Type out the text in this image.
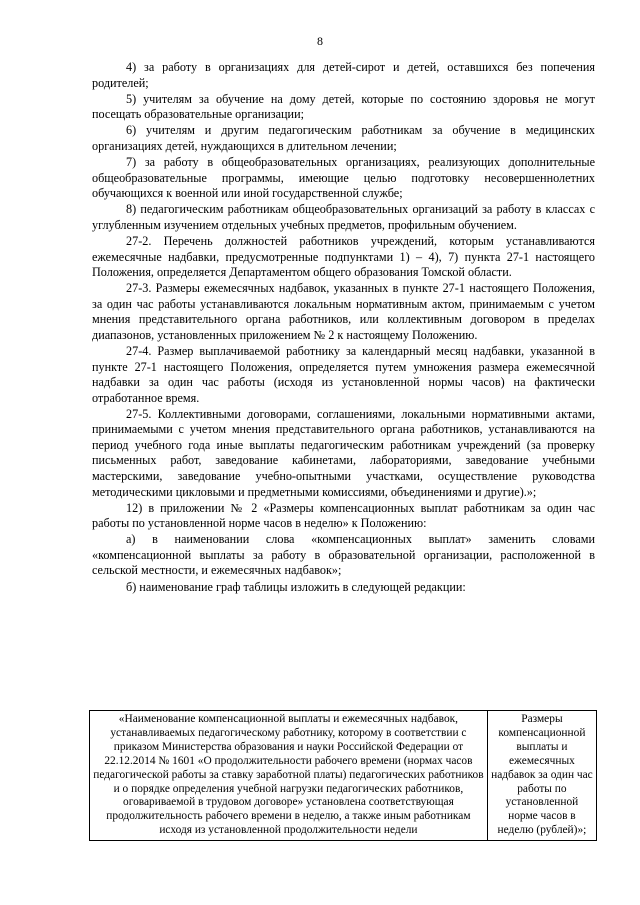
8

4) за работу в организациях для детей-сирот и детей, оставшихся без попечения родителей;

5) учителям за обучение на дому детей, которые по состоянию здоровья не могут посещать образовательные организации;

6) учителям и другим педагогическим работникам за обучение в медицинских организациях детей, нуждающихся в длительном лечении;

7) за работу в общеобразовательных организациях, реализующих дополнительные общеобразовательные программы, имеющие целью подготовку несовершеннолетних обучающихся к военной или иной государственной службе;

8) педагогическим работникам общеобразовательных организаций за работу в классах с углубленным изучением отдельных учебных предметов, профильным обучением.

27-2. Перечень должностей работников учреждений, которым устанавливаются ежемесячные надбавки, предусмотренные подпунктами 1) – 4), 7) пункта 27-1 настоящего Положения, определяется Департаментом общего образования Томской области.

27-3. Размеры ежемесячных надбавок, указанных в пункте 27-1 настоящего Положения, за один час работы устанавливаются локальным нормативным актом, принимаемым с учетом мнения представительного органа работников, или коллективным договором в пределах диапазонов, установленных приложением № 2 к настоящему Положению.

27-4. Размер выплачиваемой работнику за календарный месяц надбавки, указанной в пункте 27-1 настоящего Положения, определяется путем умножения размера ежемесячной надбавки за один час работы (исходя из установленной нормы часов) на фактически отработанное время.

27-5. Коллективными договорами, соглашениями, локальными нормативными актами, принимаемыми с учетом мнения представительного органа работников, устанавливаются на период учебного года иные выплаты педагогическим работникам учреждений (за проверку письменных работ, заведование кабинетами, лабораториями, заведование учебными мастерскими, заведование учебно-опытными участками, осуществление руководства методическими цикловыми и предметными комиссиями, объединениями и другие).»;

12) в приложении № 2 «Размеры компенсационных выплат работникам за один час работы по установленной норме часов в неделю» к Положению:

а) в наименовании слова «компенсационных выплат» заменить словами «компенсационной выплаты за работу в образовательной организации, расположенной в сельской местности, и ежемесячных надбавок»;

б) наименование граф таблицы изложить в следующей редакции:

«Наименование компенсационной выплаты и ежемесячных надбавок, устанавливаемых педагогическому работнику, которому в соответствии с приказом Министерства образования и науки Российской Федерации от 22.12.2014 № 1601 «О продолжительности рабочего времени (нормах часов педагогической работы за ставку заработной платы) педагогических работников и о порядке определения учебной нагрузки педагогических работников, оговариваемой в трудовом договоре» установлена соответствующая продолжительность рабочего времени в неделю, а также иным работникам исходя из установленной продолжительности недели	Размеры компенсационной выплаты и ежемесячных надбавок за один час работы по установленной норме часов в неделю (рублей)»;
